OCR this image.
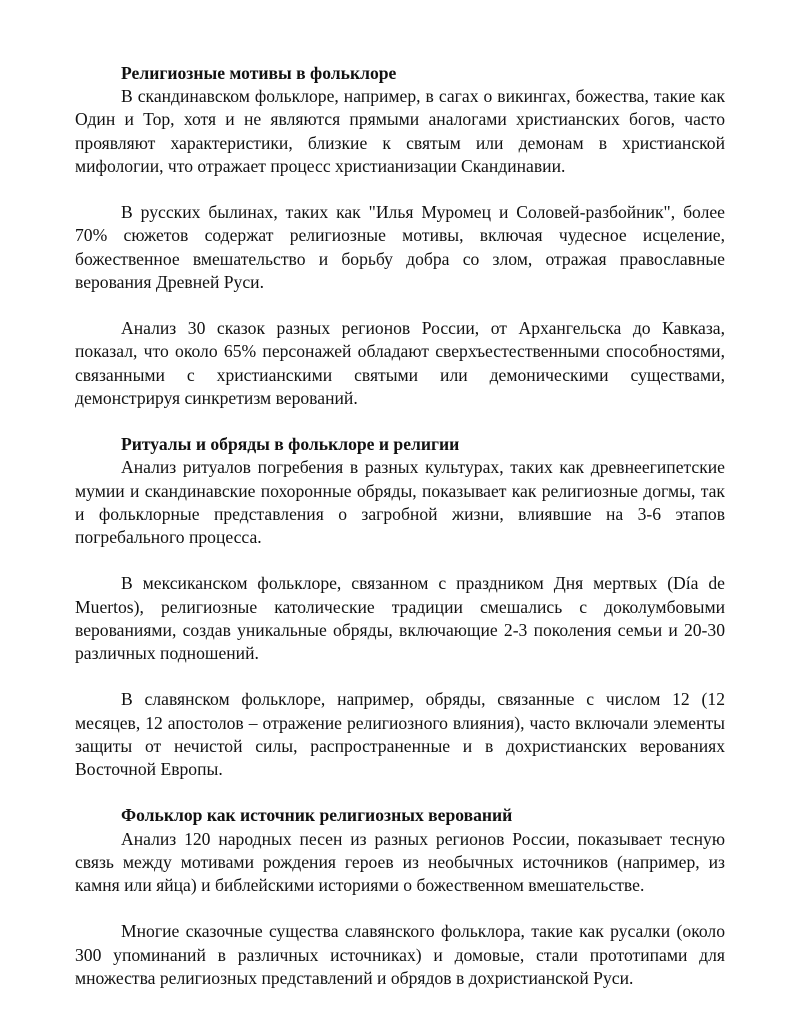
Религиозные мотивы в фольклоре

В скандинавском фольклоре, например, в сагах о викингах, божества, такие как Один и Тор, хотя и не являются прямыми аналогами христианских богов, часто проявляют характеристики, близкие к святым или демонам в христианской мифологии, что отражает процесс христианизации Скандинавии.

В русских былинах, таких как "Илья Муромец и Соловей-разбойник", более 70% сюжетов содержат религиозные мотивы, включая чудесное исцеление, божественное вмешательство и борьбу добра со злом, отражая православные верования Древней Руси.

Анализ 30 сказок разных регионов России, от Архангельска до Кавказа, показал, что около 65% персонажей обладают сверхъестественными способностями, связанными с христианскими святыми или демоническими существами, демонстрируя синкретизм верований.

Ритуалы и обряды в фольклоре и религии

Анализ ритуалов погребения в разных культурах, таких как древнеегипетские мумии и скандинавские похоронные обряды, показывает как религиозные догмы, так и фольклорные представления о загробной жизни, влиявшие на 3-6 этапов погребального процесса.

В мексиканском фольклоре, связанном с праздником Дня мертвых (Día de Muertos), религиозные католические традиции смешались с доколумбовыми верованиями, создав уникальные обряды, включающие 2-3 поколения семьи и 20-30 различных подношений.

В славянском фольклоре, например, обряды, связанные с числом 12 (12 месяцев, 12 апостолов – отражение религиозного влияния), часто включали элементы защиты от нечистой силы, распространенные и в дохристианских верованиях Восточной Европы.

Фольклор как источник религиозных верований

Анализ 120 народных песен из разных регионов России, показывает тесную связь между мотивами рождения героев из необычных источников (например, из камня или яйца) и библейскими историями о божественном вмешательстве.

Многие сказочные существа славянского фольклора, такие как русалки (около 300 упоминаний в различных источниках) и домовые, стали прототипами для множества религиозных представлений и обрядов в дохристианской Руси.
